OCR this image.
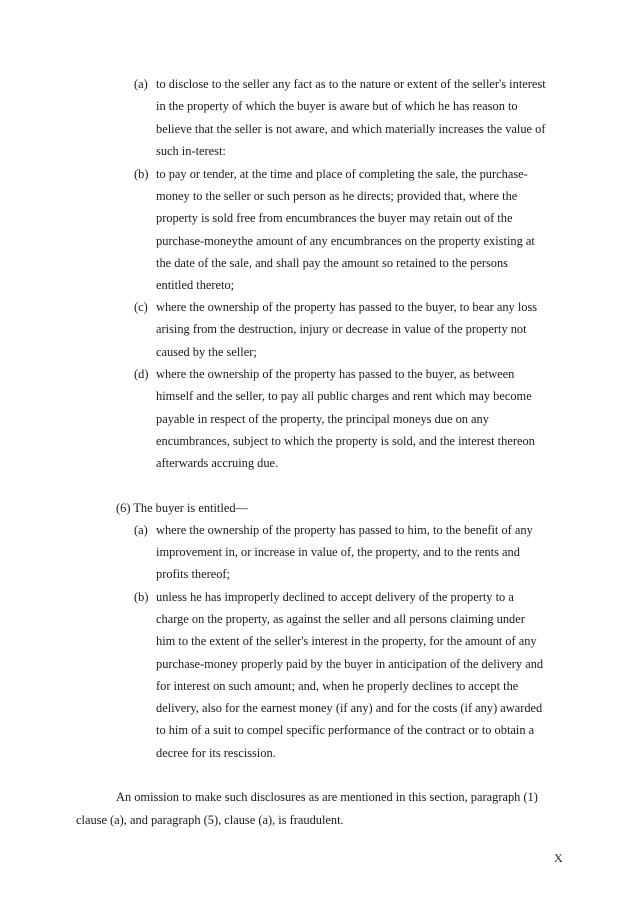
(a) to disclose to the seller any fact as to the nature or extent of the seller's interest
in the property of which the buyer is aware but of which he has reason to
believe that the seller is not aware, and which materially increases the value of
such in-terest:
(b) to pay or tender, at the time and place of completing the sale, the purchase-
money to the seller or such person as he directs; provided that, where the
property is sold free from encumbrances the buyer may retain out of the
purchase-moneythe amount of any encumbrances on the property existing at
the date of the sale, and shall pay the amount so retained to the persons
entitled thereto;
(c) where the ownership of the property has passed to the buyer, to bear any loss
arising from the destruction, injury or decrease in value of the property not
caused by the seller;
(d) where the ownership of the property has passed to the buyer, as between
himself and the seller, to pay all public charges and rent which may become
payable in respect of the property, the principal moneys due on any
encumbrances, subject to which the property is sold, and the interest thereon
afterwards accruing due.
(6) The buyer is entitled—
(a) where the ownership of the property has passed to him, to the benefit of any
improvement in, or increase in value of, the property, and to the rents and
profits thereof;
(b) unless he has improperly declined to accept delivery of the property to a
charge on the property, as against the seller and all persons claiming under
him to the extent of the seller's interest in the property, for the amount of any
purchase-money properly paid by the buyer in anticipation of the delivery and
for interest on such amount; and, when he properly declines to accept the
delivery, also for the earnest money (if any) and for the costs (if any) awarded
to him of a suit to compel specific performance of the contract or to obtain a
decree for its rescission.
An omission to make such disclosures as are mentioned in this section, paragraph (1)
clause (a), and paragraph (5), clause (a), is fraudulent.
X
